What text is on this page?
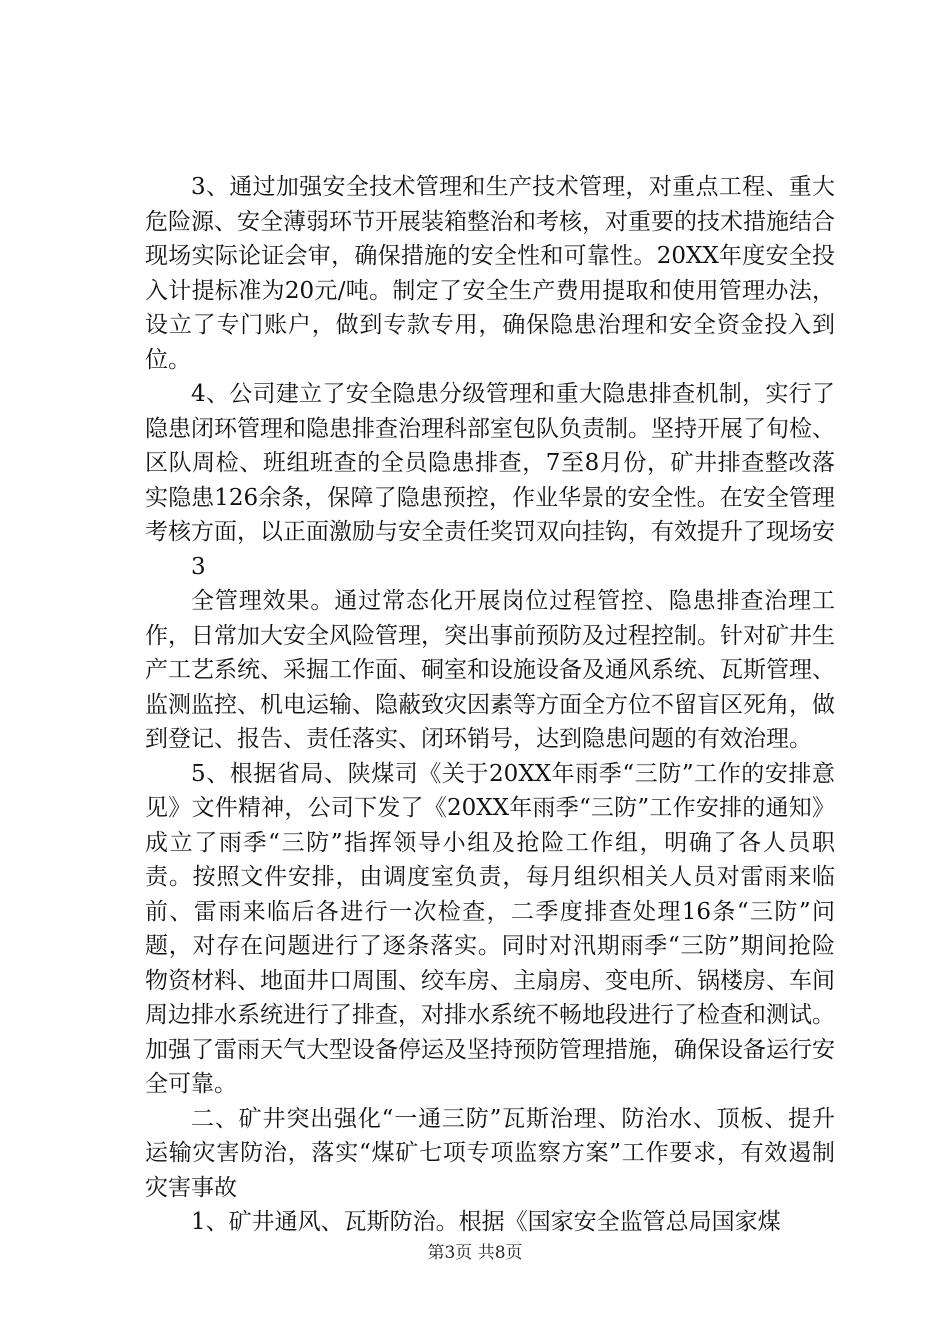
3、通过加强安全技术管理和生产技术管理，对重点工程、重大危险源、安全薄弱环节开展装箱整治和考核，对重要的技术措施结合现场实际论证会审，确保措施的安全性和可靠性。20XX年度安全投入计提标准为20元/吨。制定了安全生产费用提取和使用管理办法，设立了专门账户，做到专款专用，确保隐患治理和安全资金投入到位。

4、公司建立了安全隐患分级管理和重大隐患排查机制，实行了隐患闭环管理和隐患排查治理科部室包队负责制。坚持开展了旬检、区队周检、班组班查的全员隐患排查，7至8月份，矿井排查整改落实隐患126余条，保障了隐患预控，作业华景的安全性。在安全管理考核方面，以正面激励与安全责任奖罚双向挂钩，有效提升了现场安

3

全管理效果。通过常态化开展岗位过程管控、隐患排查治理工作，日常加大安全风险管理，突出事前预防及过程控制。针对矿井生产工艺系统、采掘工作面、硐室和设施设备及通风系统、瓦斯管理、监测监控、机电运输、隐蔽致灾因素等方面全方位不留盲区死角，做到登记、报告、责任落实、闭环销号，达到隐患问题的有效治理。

5、根据省局、陕煤司《关于20XX年雨季“三防”工作的安排意见》文件精神，公司下发了《20XX年雨季“三防”工作安排的通知》成立了雨季“三防”指挥领导小组及抢险工作组，明确了各人员职责。按照文件安排，由调度室负责，每月组织相关人员对雷雨来临前、雷雨来临后各进行一次检查，二季度排查处理16条“三防”问题，对存在问题进行了逐条落实。同时对汛期雨季“三防”期间抢险物资材料、地面井口周围、绞车房、主扇房、变电所、锅楼房、车间周边排水系统进行了排查，对排水系统不畅地段进行了检查和测试。加强了雷雨天气大型设备停运及坚持预防管理措施，确保设备运行安全可靠。

二、矿井突出强化“一通三防”瓦斯治理、防治水、顶板、提升运输灾害防治，落实“煤矿七项专项监察方案”工作要求，有效遏制灾害事故

1、矿井通风、瓦斯防治。根据《国家安全监管总局国家煤

第3页 共8页
